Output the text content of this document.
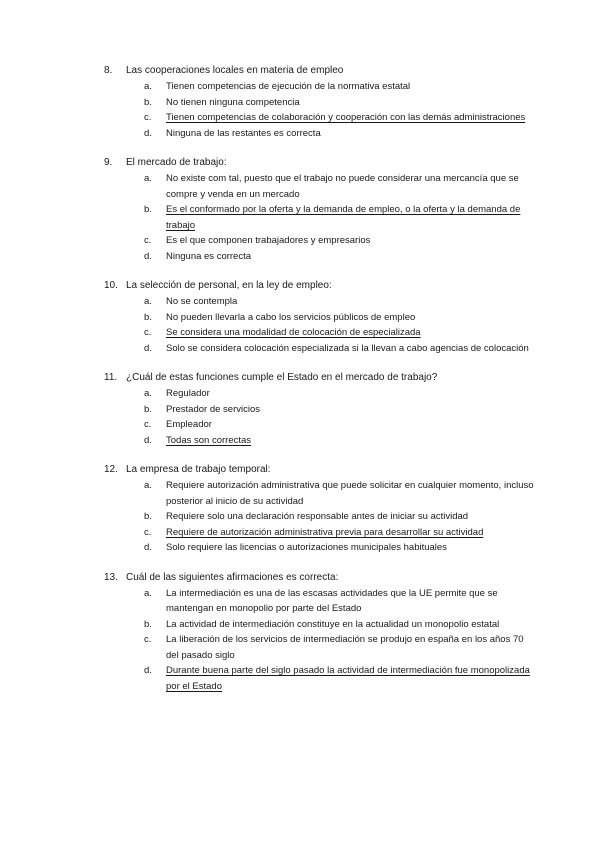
8. Las cooperaciones locales en materia de empleo
a. Tienen competencias de ejecución de la normativa estatal
b. No tienen ninguna competencia
c. Tienen competencias de colaboración y cooperación con las demás administraciones
d. Ninguna de las restantes es correcta
9. El mercado de trabajo:
a. No existe com tal, puesto que el trabajo no puede considerar una mercancía que se compre y venda en un mercado
b. Es el conformado por la oferta y la demanda de empleo, o la oferta y la demanda de trabajo
c. Es el que componen trabajadores y empresarios
d. Ninguna es correcta
10. La selección de personal, en la ley de empleo:
a. No se contempla
b. No pueden llevarla a cabo los servicios públicos de empleo
c. Se considera una modalidad de colocación de especializada
d. Solo se considera colocación especializada si la llevan a cabo agencias de colocación
11. ¿Cuál de estas funciones cumple el Estado en el mercado de trabajo?
a. Regulador
b. Prestador de servicios
c. Empleador
d. Todas son correctas
12. La empresa de trabajo temporal:
a. Requiere autorización administrativa que puede solicitar en cualquier momento, incluso posterior al inicio de su actividad
b. Requiere solo una declaración responsable antes de iniciar su actividad
c. Requiere de autorización administrativa previa para desarrollar su actividad
d. Solo requiere las licencias o autorizaciones municipales habituales
13. Cuál de las siguientes afirmaciones es correcta:
a. La intermediación es una de las escasas actividades que la UE permite que se mantengan en monopolio por parte del Estado
b. La actividad de intermediación constituye en la actualidad un monopolio estatal
c. La liberación de los servicios de intermediación se produjo en españa en los años 70 del pasado siglo
d. Durante buena parte del siglo pasado la actividad de intermediación fue monopolizada por el Estado
